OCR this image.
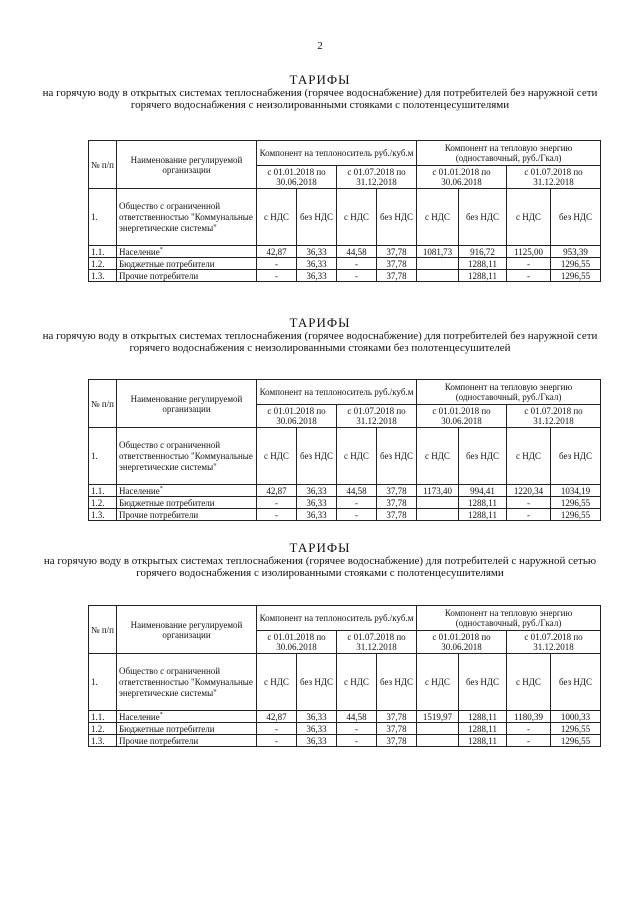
2

ТАРИФЫ

на горячую воду в открытых системах теплоснабжения (горячее водоснабжение) для потребителей без наружной сети горячего водоснабжения с неизолированными стояками с полотенцесушителями

№ п/п	Наименование регулируемой организации	Компонент на теплоноситель руб./куб.м				Компонент на тепловую энергию (одноставочный, руб./Гкал)			
		с 01.01.2018 по 30.06.2018		с 01.07.2018 по 31.12.2018		с 01.01.2018 по 30.06.2018		с 01.07.2018 по 31.12.2018	
1.	Общество с ограниченной ответственностью "Коммунальные энергетические системы"	с НДС	без НДС	с НДС	без НДС	с НДС	без НДС	с НДС	без НДС
1.1.	Население*	42,87	36,33	44,58	37,78	1081,73	916,72	1125,00	953,39
1.2.	Бюджетные потребители	-	36,33	-	37,78		1288,11	-	1296,55
1.3.	Прочие потребители	-	36,33	-	37,78		1288,11	-	1296,55

ТАРИФЫ

на горячую воду в открытых системах теплоснабжения (горячее водоснабжение) для потребителей без наружной сети горячего водоснабжения с неизолированными стояками без полотенцесушителей

№ п/п	Наименование регулируемой организации	Компонент на теплоноситель руб./куб.м				Компонент на тепловую энергию (одноставочный, руб./Гкал)			
		с 01.01.2018 по 30.06.2018		с 01.07.2018 по 31.12.2018		с 01.01.2018 по 30.06.2018		с 01.07.2018 по 31.12.2018	
1.	Общество с ограниченной ответственностью "Коммунальные энергетические системы"	с НДС	без НДС	с НДС	без НДС	с НДС	без НДС	с НДС	без НДС
1.1.	Население*	42,87	36,33	44,58	37,78	1173,40	994,41	1220,34	1034,19
1.2.	Бюджетные потребители	-	36,33	-	37,78		1288,11	-	1296,55
1.3.	Прочие потребители	-	36,33	-	37,78		1288,11	-	1296,55

ТАРИФЫ

на горячую воду в открытых системах теплоснабжения (горячее водоснабжение) для потребителей с наружной сетью горячего водоснабжения с изолированными стояками с полотенцесушителями

№ п/п	Наименование регулируемой организации	Компонент на теплоноситель руб./куб.м				Компонент на тепловую энергию (одноставочный, руб./Гкал)			
		с 01.01.2018 по 30.06.2018		с 01.07.2018 по 31.12.2018		с 01.01.2018 по 30.06.2018		с 01.07.2018 по 31.12.2018	
1.	Общество с ограниченной ответственностью "Коммунальные энергетические системы"	с НДС	без НДС	с НДС	без НДС	с НДС	без НДС	с НДС	без НДС
1.1.	Население*	42,87	36,33	44,58	37,78	1519,97	1288,11	1180,39	1000,33
1.2.	Бюджетные потребители	-	36,33	-	37,78		1288,11	-	1296,55
1.3.	Прочие потребители	-	36,33	-	37,78		1288,11	-	1296,55
